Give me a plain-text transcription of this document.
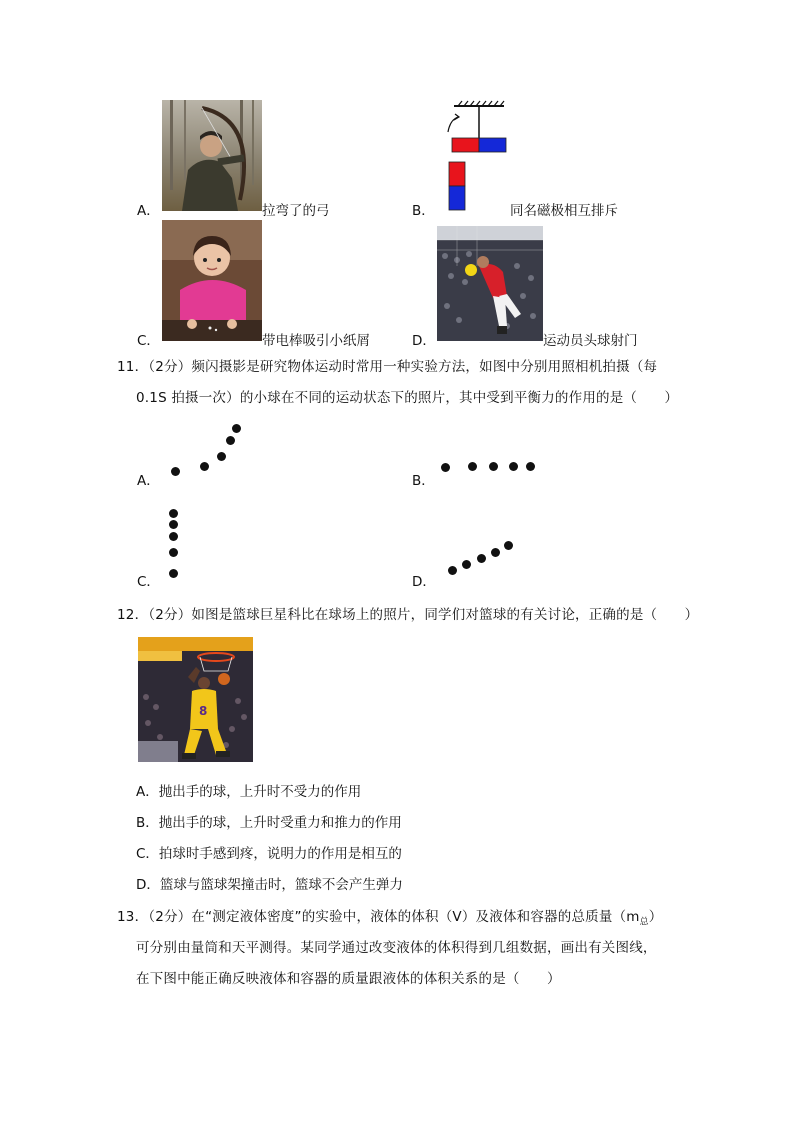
A．	拉弯了的弓	B．	同名磁极相互排斥
C．	带电棒吸引小纸屑	D．	运动员头球射门
11．（2分）频闪摄影是研究物体运动时常用一种实验方法，如图中分别用照相机拍摄（每
0.1S 拍摄一次）的小球在不同的运动状态下的照片，其中受到平衡力的作用的是（　　）
A．	B．
C．	D．
12．（2分）如图是篮球巨星科比在球场上的照片，同学们对篮球的有关讨论，正确的是（　　）
8
A．抛出手的球，上升时不受力的作用
B．抛出手的球，上升时受重力和推力的作用
C．拍球时手感到疼，说明力的作用是相互的
D．篮球与篮球架撞击时，篮球不会产生弹力
13．（2分）在“测定液体密度”的实验中，液体的体积（V）及液体和容器的总质量$(m_总)$
可分别由量筒和天平测得。某同学通过改变液体的体积得到几组数据，画出有关图线，
在下图中能正确反映液体和容器的质量跟液体的体积关系的是（　　）
